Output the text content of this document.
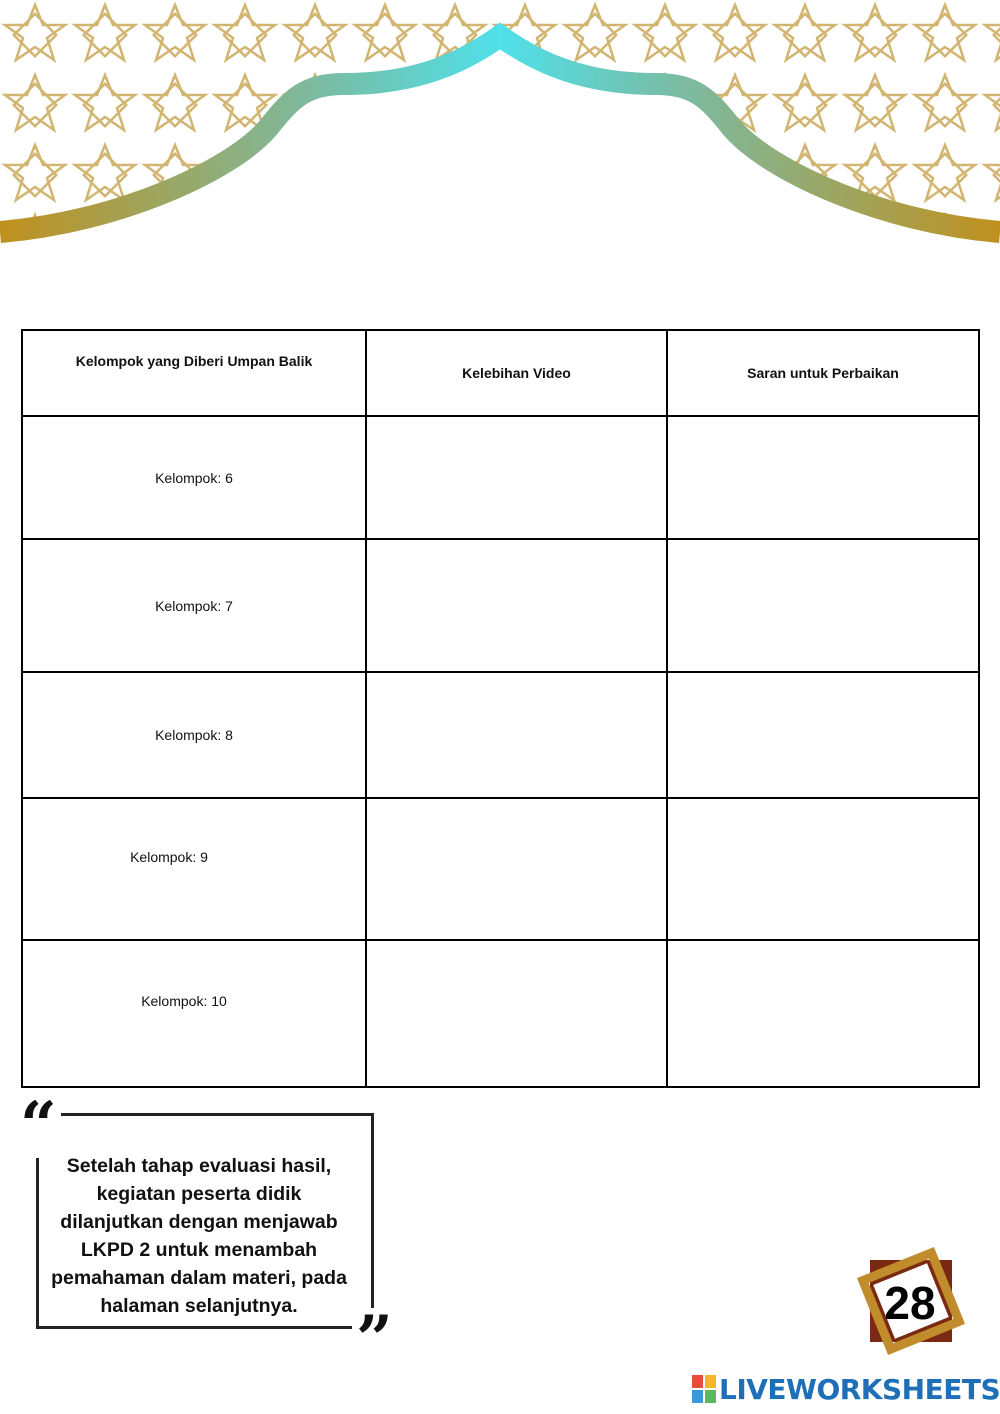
Kelompok yang Diberi Umpan Balik	Kelebihan Video	Saran untuk Perbaikan
Kelompok: 6		
Kelompok: 7		
Kelompok: 8		
Kelompok: 9		
Kelompok: 10		
“
”
Setelah tahap evaluasi hasil, kegiatan peserta didik dilanjutkan dengan menjawab LKPD 2 untuk menambah pemahaman dalam materi, pada halaman selanjutnya.	28
LIVEWORKSHEETS
